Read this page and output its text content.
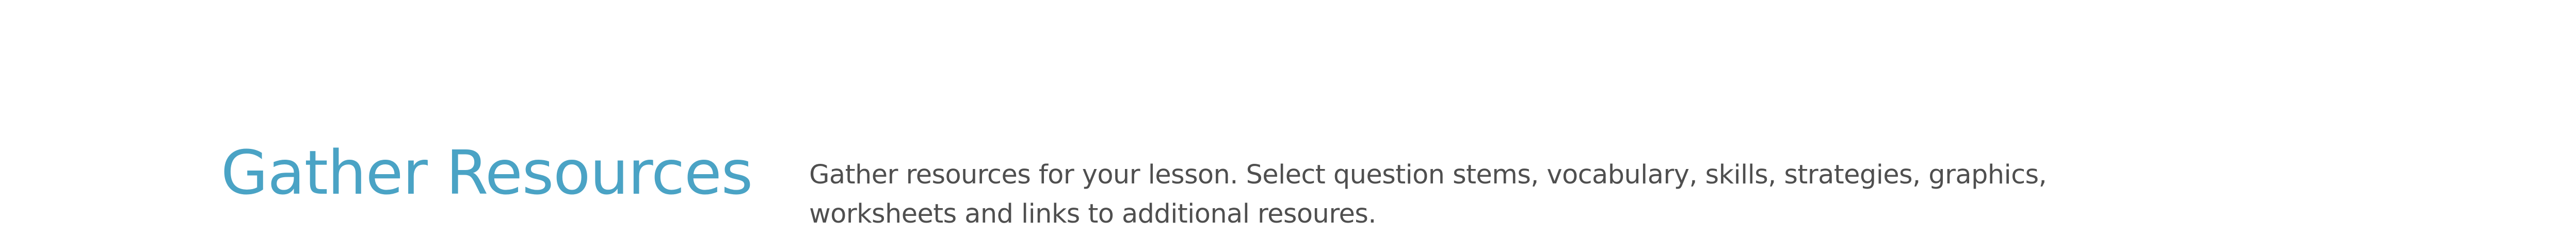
Gather Resources Gather resources for your lesson. Select question stems, vocabulary, skills, strategies, graphics,
worksheets and links to additional resoures.
